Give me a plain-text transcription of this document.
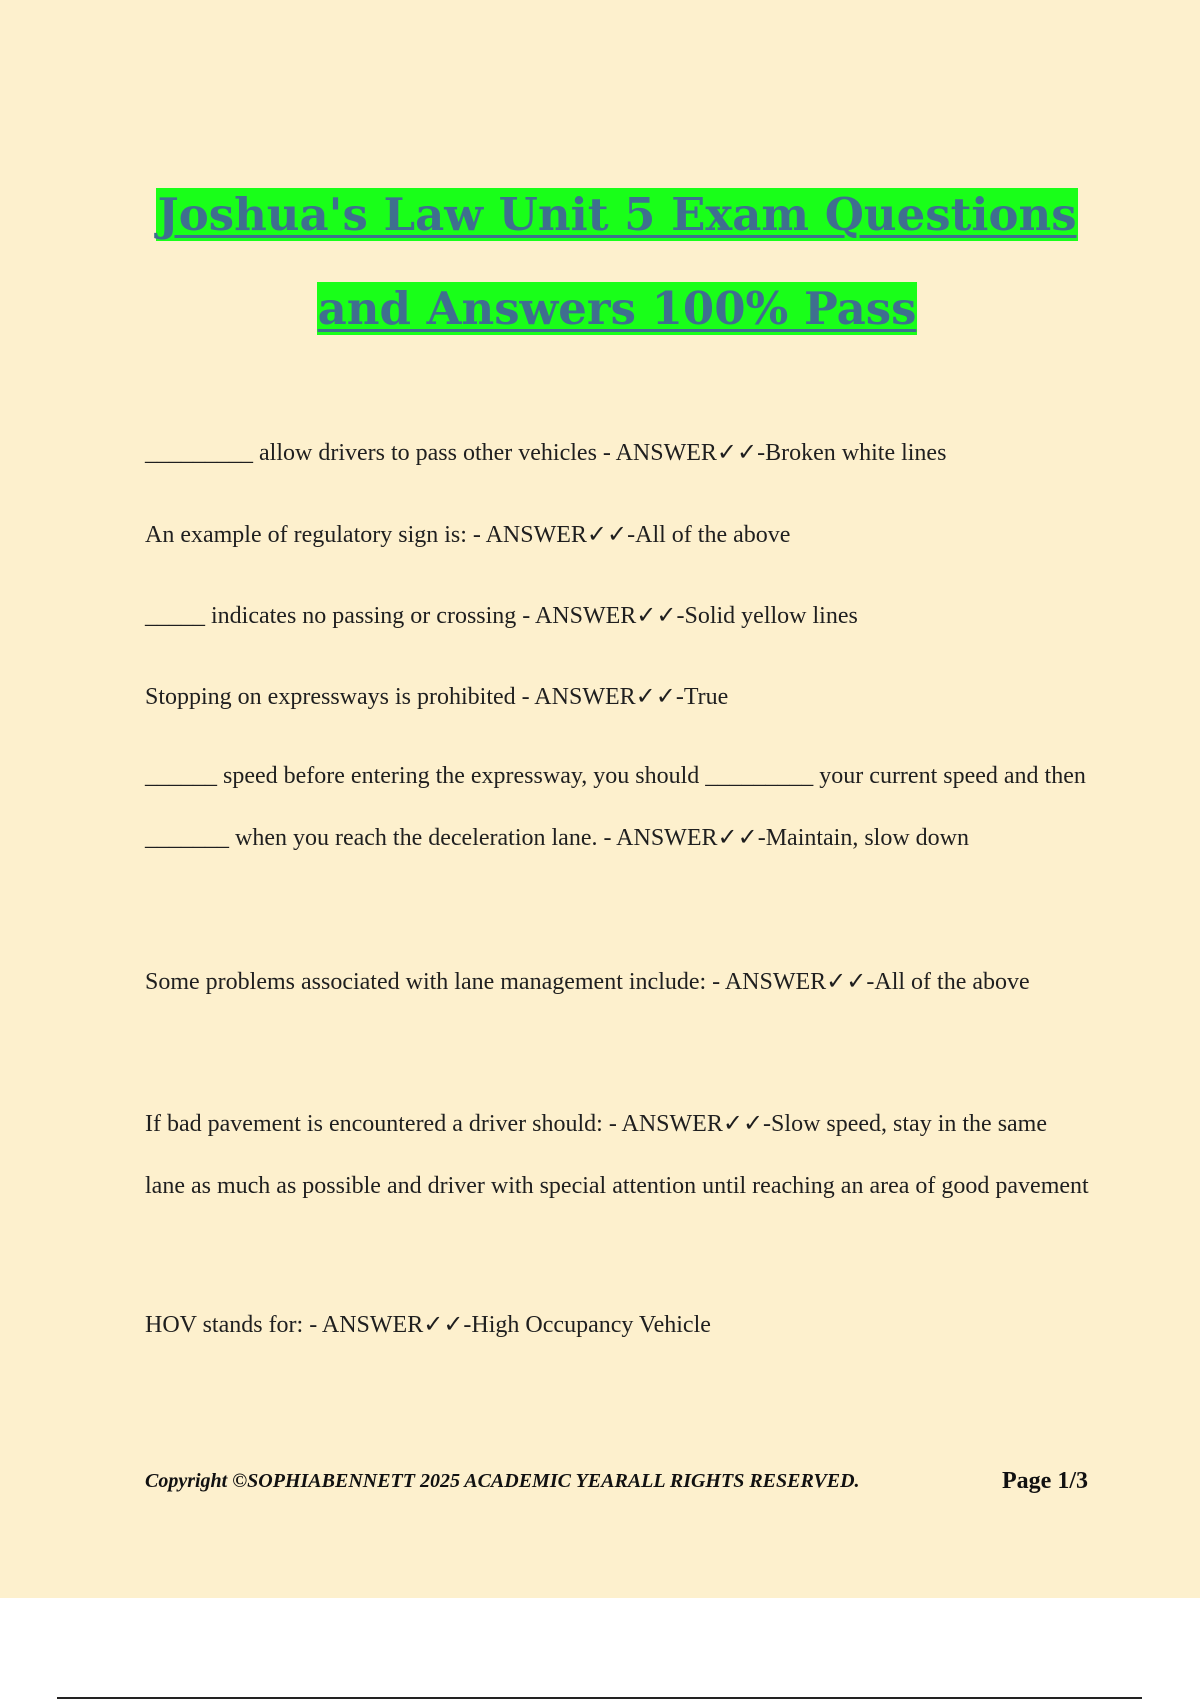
Joshua's Law Unit 5 Exam Questions
and Answers 100% Pass

_________ allow drivers to pass other vehicles - ANSWER✓✓-Broken white lines

An example of regulatory sign is: - ANSWER✓✓-All of the above

_____ indicates no passing or crossing - ANSWER✓✓-Solid yellow lines

Stopping on expressways is prohibited - ANSWER✓✓-True

______ speed before entering the expressway, you should _________ your current speed and then _______ when you reach the deceleration lane. - ANSWER✓✓-Maintain, slow down

Some problems associated with lane management include: - ANSWER✓✓-All of the above

If bad pavement is encountered a driver should: - ANSWER✓✓-Slow speed, stay in the same lane as much as possible and driver with special attention until reaching an area of good pavement

HOV stands for: - ANSWER✓✓-High Occupancy Vehicle

Copyright ©SOPHIABENNETT 2025 ACADEMIC YEARALL RIGHTS RESERVED.	Page 1/3
